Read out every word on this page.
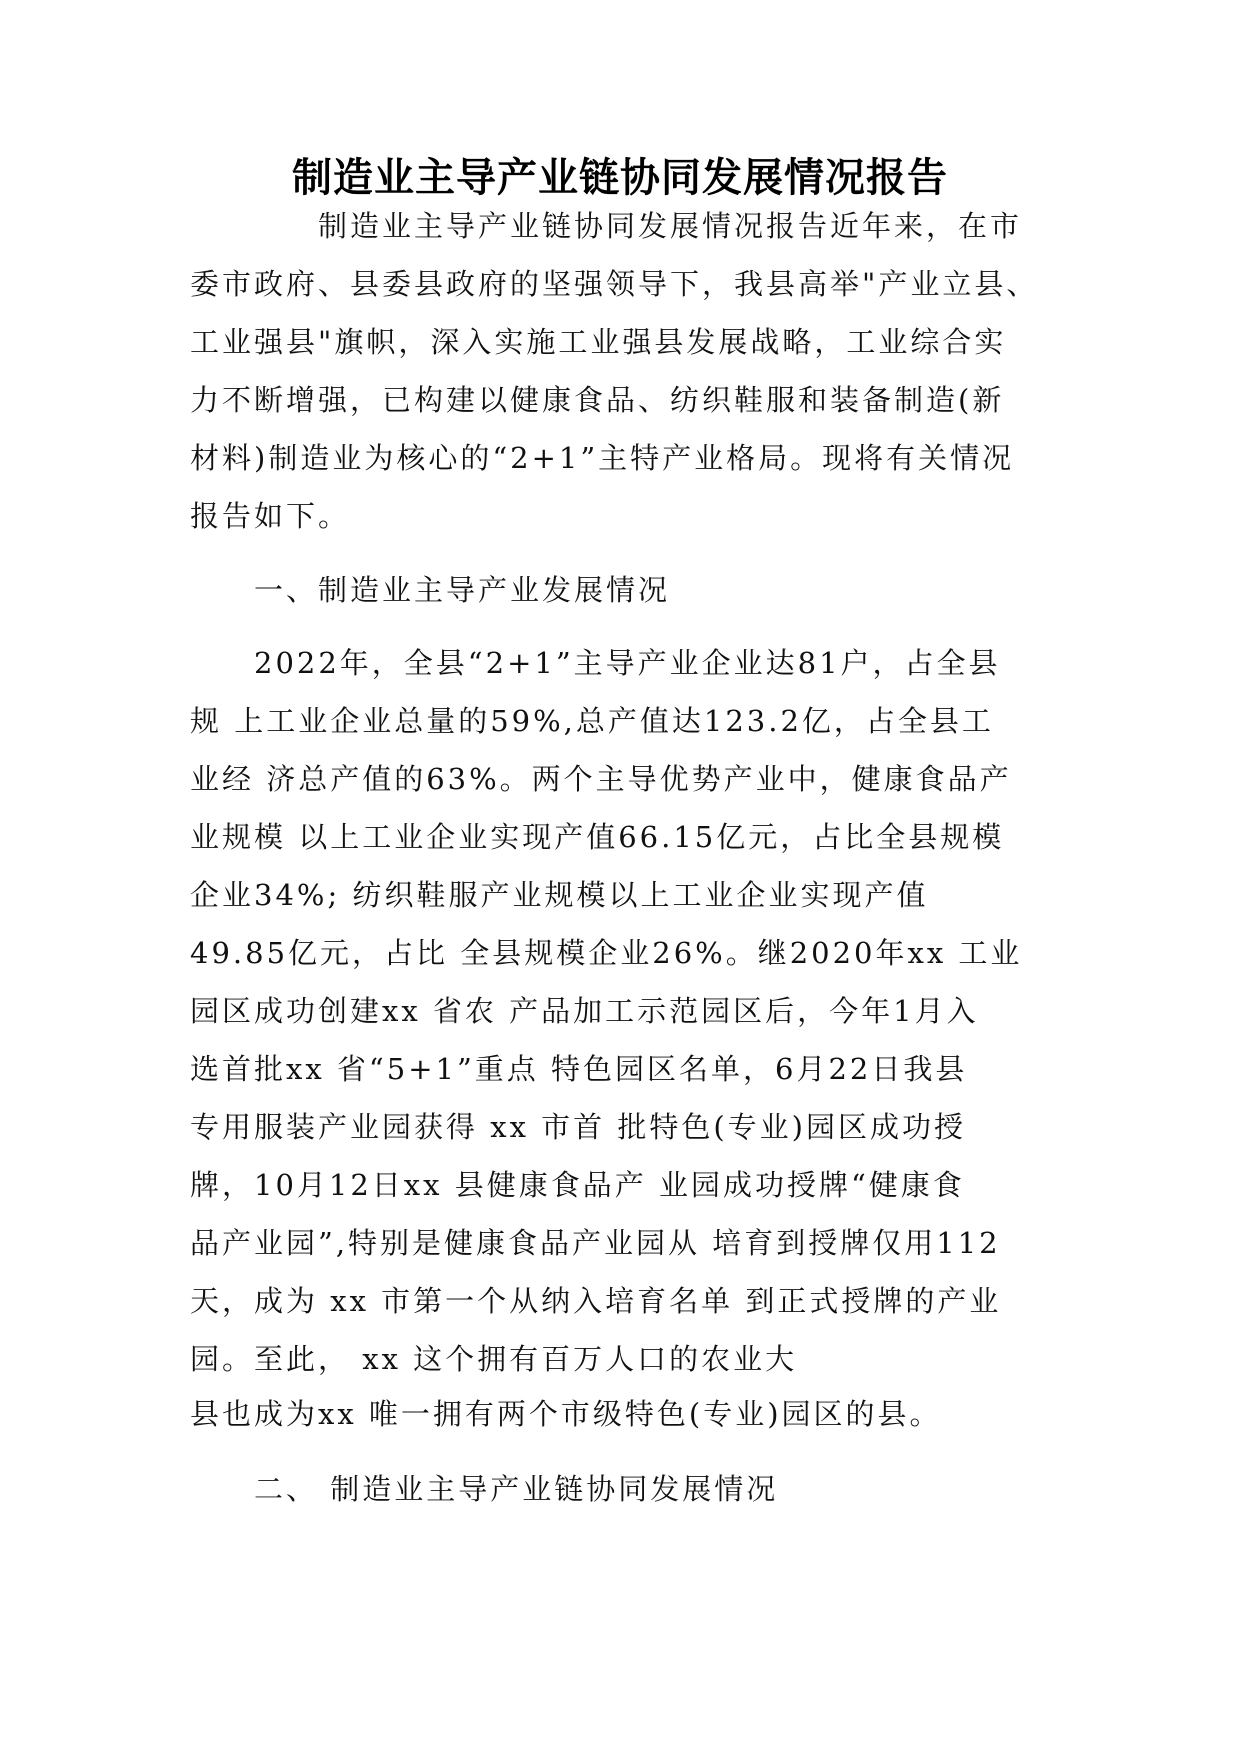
制造业主导产业链协同发展情况报告
制造业主导产业链协同发展情况报告近年来，在市
委市政府、县委县政府的坚强领导下，我县高举"产业立县、
工业强县"旗帜，深入实施工业强县发展战略，工业综合实
力不断增强，已构建以健康食品、纺织鞋服和装备制造(新
材料)制造业为核心的“2+1”主特产业格局。现将有关情况
报告如下。
一、制造业主导产业发展情况
2022年，全县“2+1”主导产业企业达81户，占全县
规 上工业企业总量的59%,总产值达123.2亿，占全县工
业经 济总产值的63%。两个主导优势产业中，健康食品产
业规模 以上工业企业实现产值66.15亿元，占比全县规模
企业34%; 纺织鞋服产业规模以上工业企业实现产值
49.85亿元，占比 全县规模企业26%。继2020年xx 工业
园区成功创建xx 省农 产品加工示范园区后，今年1月入
选首批xx 省“5+1”重点 特色园区名单，6月22日我县
专用服装产业园获得 xx 市首 批特色(专业)园区成功授
牌，10月12日xx 县健康食品产 业园成功授牌“健康食
品产业园”,特别是健康食品产业园从 培育到授牌仅用112
天，成为 xx 市第一个从纳入培育名单 到正式授牌的产业
园。至此， xx 这个拥有百万人口的农业大
县也成为xx 唯一拥有两个市级特色(专业)园区的县。
二、 制造业主导产业链协同发展情况
